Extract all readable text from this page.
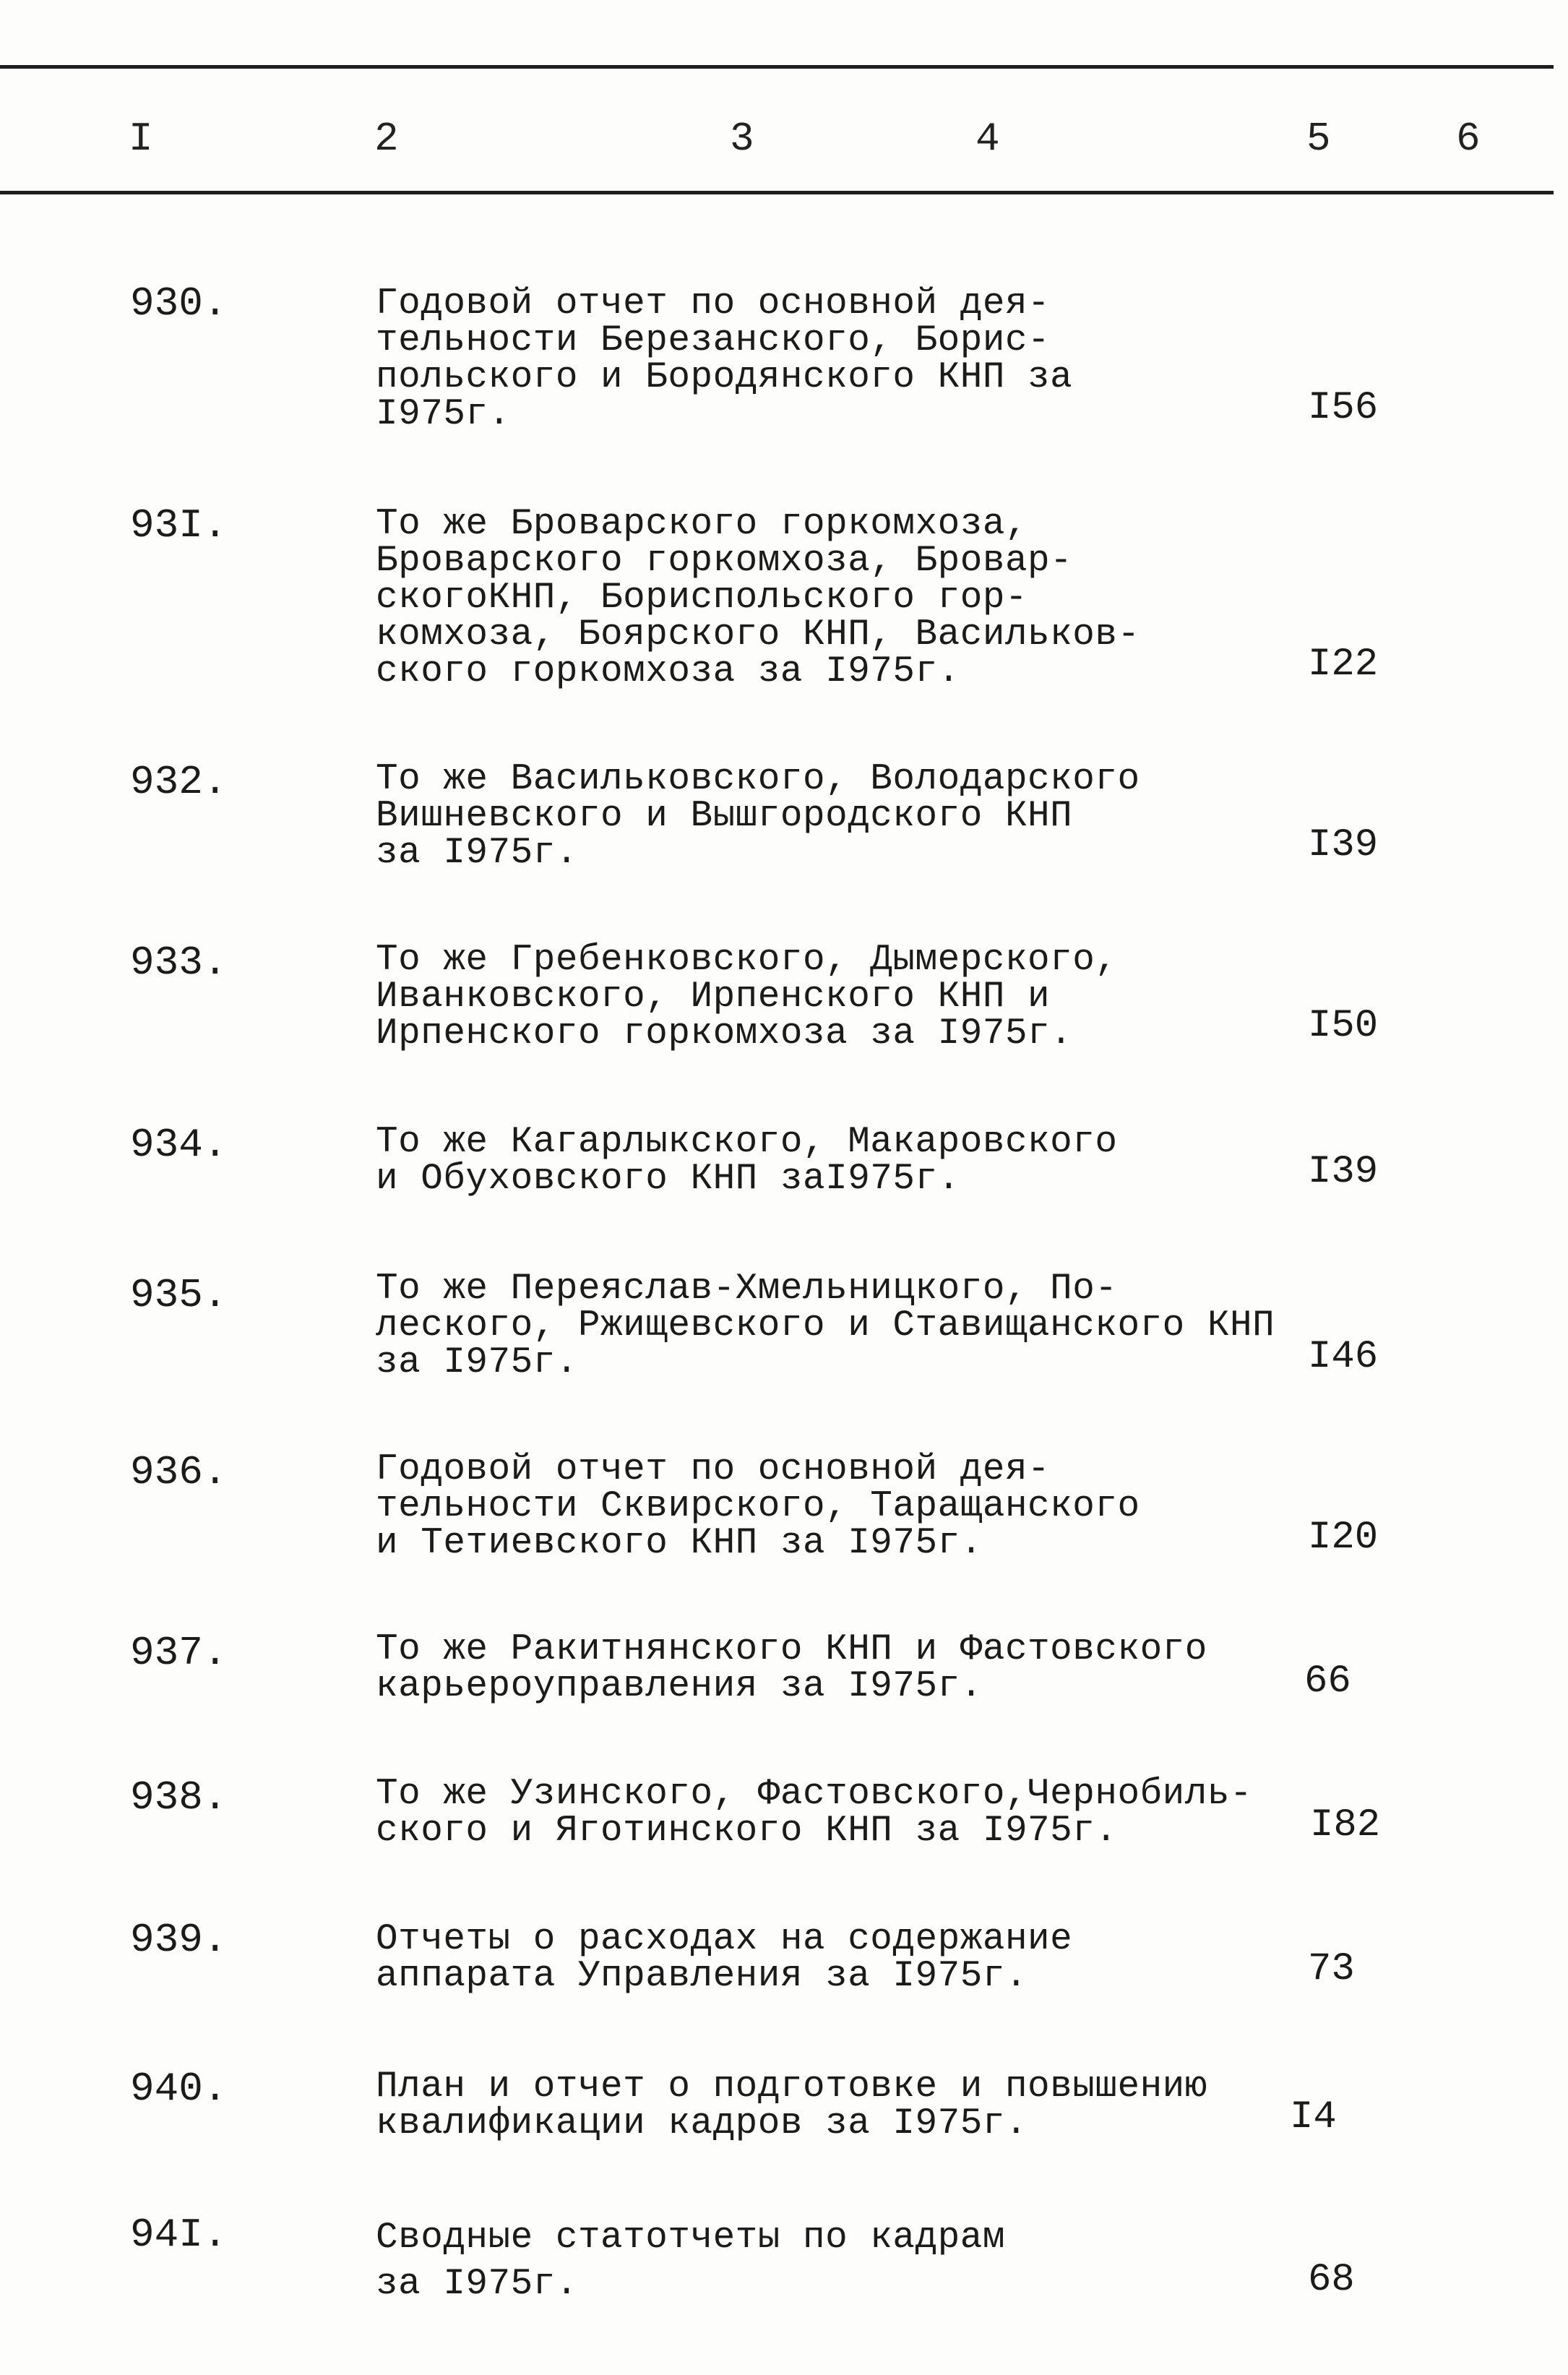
I	2	3	4	5	6
930.	Годовой отчет по основной дея-
тельности Березанского, Борис-
польского и Бородянского КНП за
I975г.	I56
93I.	То же Броварского горкомхоза,
Броварского горкомхоза, Бровар-
скогоКНП, Бориспольского гор-
комхоза, Боярского КНП, Васильков-
ского горкомхоза за I975г.	I22
932.	То же Васильковского, Володарского
Вишневского и Вышгородского КНП
за I975г.	I39
933.	То же Гребенковского, Дымерского,
Иванковского, Ирпенского КНП и
Ирпенского горкомхоза за I975г.	I50
934.	То же Кагарлыкского, Макаровского
и Обуховского КНП заI975г.	I39
935.	То же Переяслав-Хмельницкого, По-
леского, Ржищевского и Ставищанского КНП
за I975г.	I46
936.	Годовой отчет по основной дея-
тельности Сквирского, Таращанского
и Тетиевского КНП за I975г.	I20
937.	То же Ракитнянского КНП и Фастовского
карьероуправления за I975г.	66
938.	То же Узинского, Фастовского,Чернобиль-
ского и Яготинского КНП за I975г.	I82
939.	Отчеты о расходах на содержание
аппарата Управления за I975г.	73
940.	План и отчет о подготовке и повышению
квалификации кадров за I975г.	I4
94I.	Сводные статотчеты по кадрам
за I975г.	68
